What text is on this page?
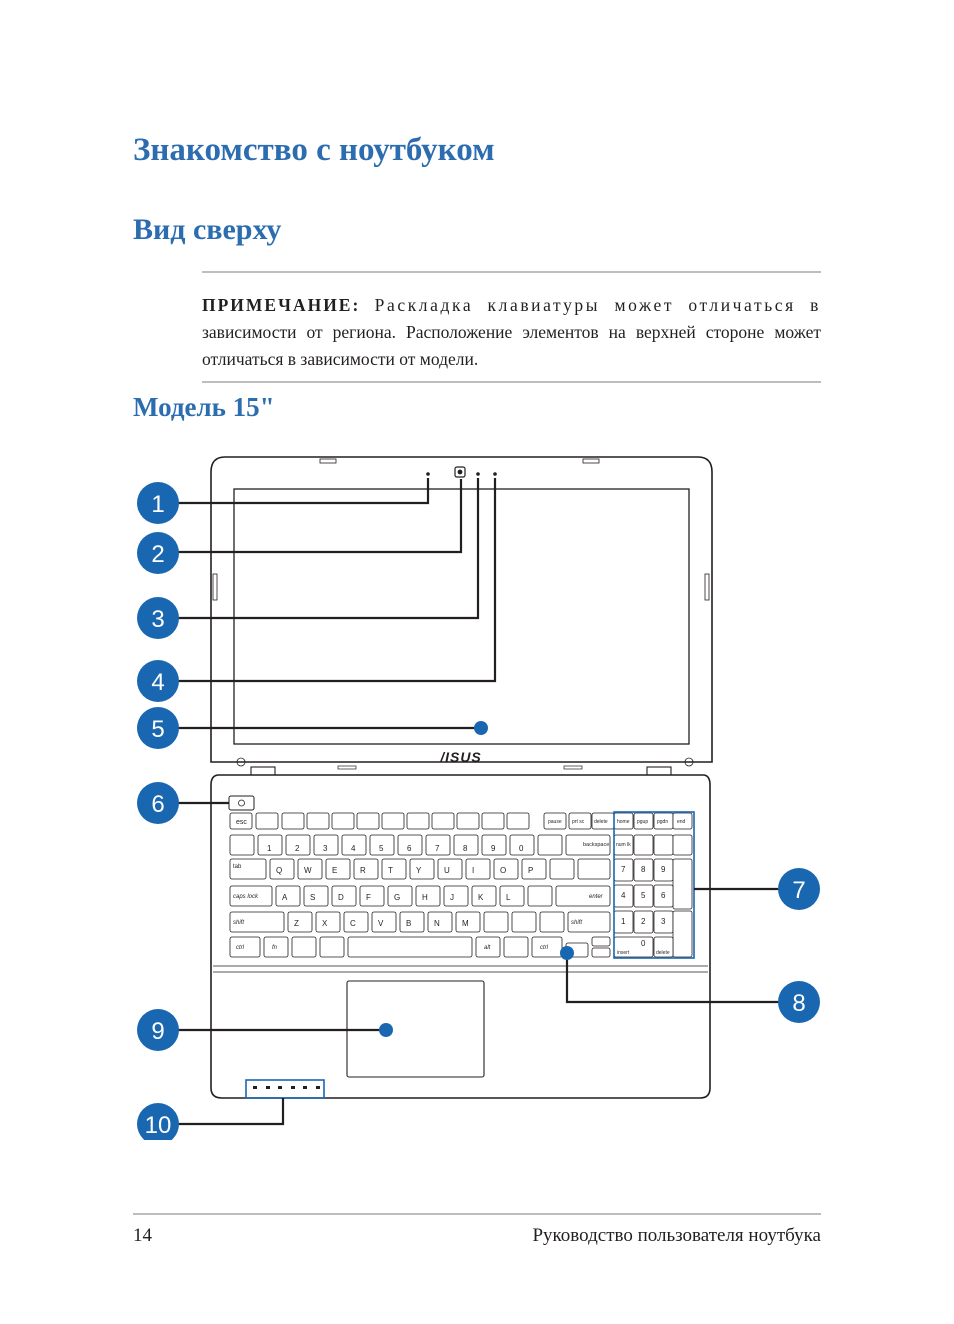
Знакомство с ноутбуком
Вид сверху

ПРИМЕЧАНИЕ: Раскладка клавиатуры может отличаться в зависимости от региона. Расположение элементов на верхней стороне может отличаться в зависимости от модели.

Модель 15"
/ISUS
esc
tab
caps lock
shift
ctrl	fn	alt	ctrl
backspace
enter
shift
home pgup pgdn end
pause prt sc delete
num lk
insert	delete
Q	W	E	R	T	Y	U	I	O	P
A	S	D	F	G	H	J	K	L
Z	X	C	V	B	N	M
1	2	3	4	5	6	7	8	9	0
7 8 9
4 5 6
1 2 3
0
1
2
3
4
5
6
7
8
9
10
14	Руководство пользователя ноутбука
